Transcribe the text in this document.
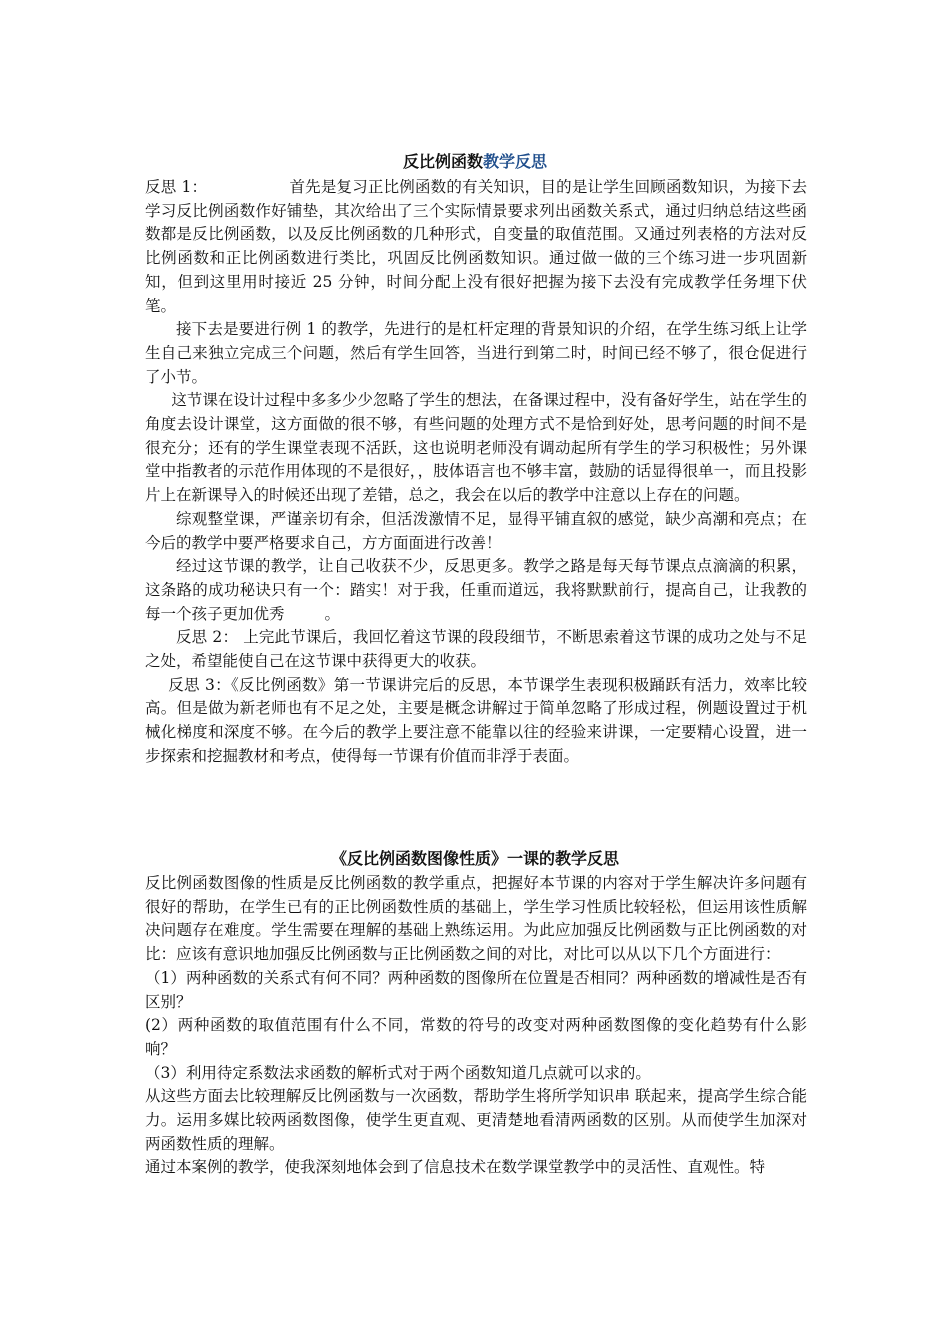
反比例函数教学反思

反思 1：	首先是复习正比例函数的有关知识，目的是让学生回顾函数知识，为接下去学习反比例函数作好铺垫，其次给出了三个实际情景要求列出函数关系式，通过归纳总结这些函数都是反比例函数，以及反比例函数的几种形式，自变量的取值范围。又通过列表格的方法对反比例函数和正比例函数进行类比，巩固反比例函数知识。通过做一做的三个练习进一步巩固新知，但到这里用时接近 25 分钟，时间分配上没有很好把握为接下去没有完成教学任务埋下伏笔。

接下去是要进行例 1 的教学，先进行的是杠杆定理的背景知识的介绍，在学生练习纸上让学生自己来独立完成三个问题，然后有学生回答，当进行到第二时，时间已经不够了，很仓促进行了小节。

这节课在设计过程中多多少少忽略了学生的想法，在备课过程中，没有备好学生，站在学生的角度去设计课堂，这方面做的很不够，有些问题的处理方式不是恰到好处，思考问题的时间不是很充分；还有的学生课堂表现不活跃，这也说明老师没有调动起所有学生的学习积极性；另外课堂中指教者的示范作用体现的不是很好，，肢体语言也不够丰富，鼓励的话显得很单一，而且投影片上在新课导入的时候还出现了差错，总之，我会在以后的教学中注意以上存在的问题。

综观整堂课，严谨亲切有余，但活泼激情不足，显得平铺直叙的感觉，缺少高潮和亮点；在今后的教学中要严格要求自己，方方面面进行改善！

经过这节课的教学，让自己收获不少，反思更多。教学之路是每天每节课点点滴滴的积累，这条路的成功秘诀只有一个：踏实！对于我，任重而道远，我将默默前行，提高自己，让我教的每一个孩子更加优秀	。

反思 2： 上完此节课后，我回忆着这节课的段段细节，不断思索着这节课的成功之处与不足之处，希望能使自己在这节课中获得更大的收获。

反思 3：《反比例函数》第一节课讲完后的反思，本节课学生表现积极踊跃有活力，效率比较高。但是做为新老师也有不足之处，主要是概念讲解过于简单忽略了形成过程，例题设置过于机械化梯度和深度不够。在今后的教学上要注意不能靠以往的经验来讲课，一定要精心设置，进一步探索和挖掘教材和考点，使得每一节课有价值而非浮于表面。

《反比例函数图像性质》一课的教学反思

反比例函数图像的性质是反比例函数的教学重点，把握好本节课的内容对于学生解决许多问题有很好的帮助，在学生已有的正比例函数性质的基础上，学生学习性质比较轻松，但运用该性质解决问题存在难度。学生需要在理解的基础上熟练运用。为此应加强反比例函数与正比例函数的对比：应该有意识地加强反比例函数与正比例函数之间的对比，对比可以从以下几个方面进行：

（1）两种函数的关系式有何不同？两种函数的图像所在位置是否相同？两种函数的增减性是否有区别？

(2）两种函数的取值范围有什么不同，常数的符号的改变对两种函数图像的变化趋势有什么影响？

（3）利用待定系数法求函数的解析式对于两个函数知道几点就可以求的。

从这些方面去比较理解反比例函数与一次函数，帮助学生将所学知识串 联起来，提高学生综合能力。运用多媒比较两函数图像，使学生更直观、更清楚地看清两函数的区别。从而使学生加深对两函数性质的理解。

通过本案例的教学，使我深刻地体会到了信息技术在数学课堂教学中的灵活性、直观性。特
